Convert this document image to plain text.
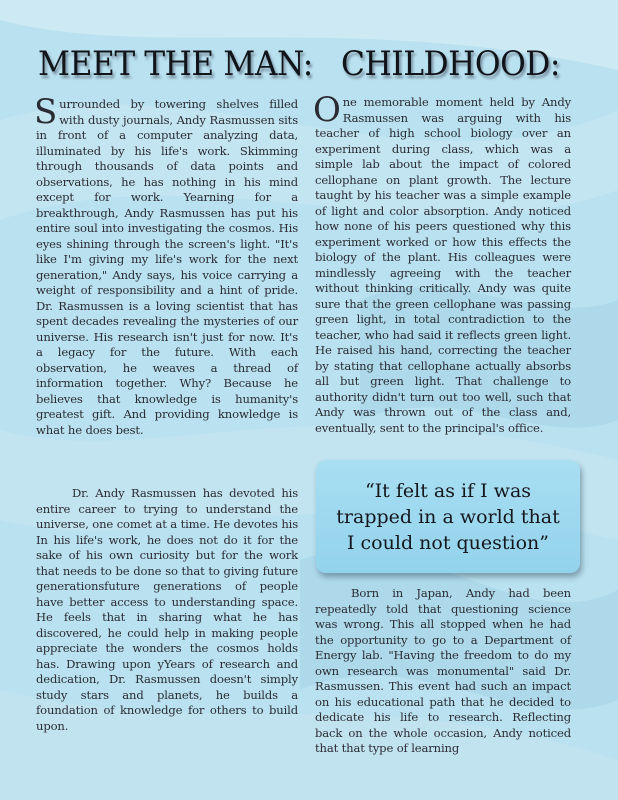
MEET THE MAN: CHILDHOOD:

Surrounded by towering shelves filled with dusty journals, Andy Rasmussen sits in front of a computer analyzing data, illuminated by his life's work. Skimming through thousands of data points and observations, he has nothing in his mind except for work. Yearning for a breakthrough, Andy Rasmussen has put his entire soul into investigating the cosmos. His eyes shining through the screen's light. "It's like I'm giving my life's work for the next generation," Andy says, his voice carrying a weight of responsibility and a hint of pride. Dr. Rasmussen is a loving scientist that has spent decades revealing the mysteries of our universe. His research isn't just for now. It's a legacy for the future. With each observation, he weaves a thread of information together. Why? Because he believes that knowledge is humanity's greatest gift. And providing knowledge is what he does best.

Dr. Andy Rasmussen has devoted his entire career to trying to understand the universe, one comet at a time. He devotes his In his life's work, he does not do it for the sake of his own curiosity but for the work that needs to be done so that to giving future generationsfuture generations of people have better access to understanding space. He feels that in sharing what he has discovered, he could help in making people appreciate the wonders the cosmos holds has. Drawing upon yYears of research and dedication, Dr. Rasmussen doesn't simply study stars and planets, he builds a foundation of knowledge for others to build upon.

One memorable moment held by Andy Rasmussen was arguing with his teacher of high school biology over an experiment during class, which was a simple lab about the impact of colored cellophane on plant growth. The lecture taught by his teacher was a simple example of light and color absorption. Andy noticed how none of his peers questioned why this experiment worked or how this effects the biology of the plant. His colleagues were mindlessly agreeing with the teacher without thinking critically. Andy was quite sure that the green cellophane was passing green light, in total contradiction to the teacher, who had said it reflects green light. He raised his hand, correcting the teacher by stating that cellophane actually absorbs all but green light. That challenge to authority didn't turn out too well, such that Andy was thrown out of the class and, eventually, sent to the principal's office.

“It felt as if I was trapped in a world that I could not question”

Born in Japan, Andy had been repeatedly told that questioning science was wrong. This all stopped when he had the opportunity to go to a Department of Energy lab. "Having the freedom to do my own research was monumental" said Dr. Rasmussen. This event had such an impact on his educational path that he decided to dedicate his life to research. Reflecting back on the whole occasion, Andy noticed that that type of learning
